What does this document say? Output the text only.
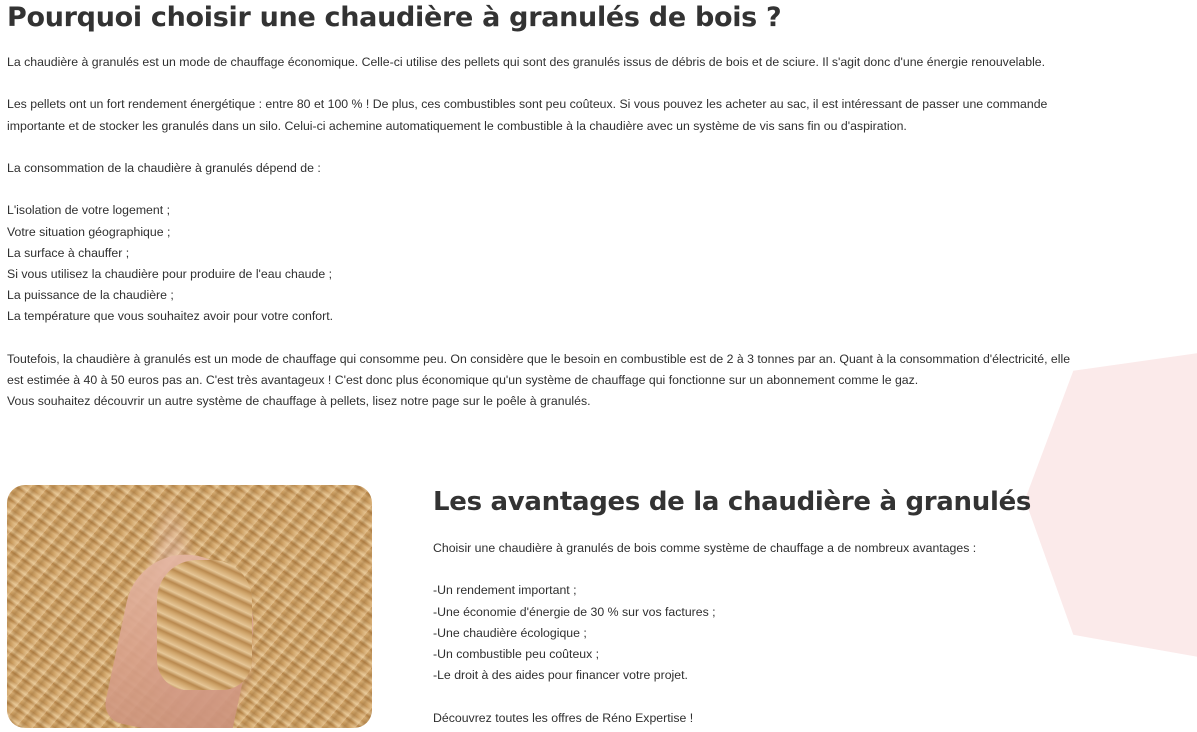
Pourquoi choisir une chaudière à granulés de bois ?

La chaudière à granulés est un mode de chauffage économique. Celle-ci utilise des pellets qui sont des granulés issus de débris de bois et de sciure. Il s'agit donc d'une énergie renouvelable.

Les pellets ont un fort rendement énergétique : entre 80 et 100 % ! De plus, ces combustibles sont peu coûteux. Si vous pouvez les acheter au sac, il est intéressant de passer une commande importante et de stocker les granulés dans un silo. Celui-ci achemine automatiquement le combustible à la chaudière avec un système de vis sans fin ou d'aspiration.

La consommation de la chaudière à granulés dépend de :

L'isolation de votre logement ;

Votre situation géographique ;

La surface à chauffer ;

Si vous utilisez la chaudière pour produire de l'eau chaude ;

La puissance de la chaudière ;

La température que vous souhaitez avoir pour votre confort.

Toutefois, la chaudière à granulés est un mode de chauffage qui consomme peu. On considère que le besoin en combustible est de 2 à 3 tonnes par an. Quant à la consommation d'électricité, elle est estimée à 40 à 50 euros pas an. C'est très avantageux ! C'est donc plus économique qu'un système de chauffage qui fonctionne sur un abonnement comme le gaz.

Vous souhaitez découvrir un autre système de chauffage à pellets, lisez notre page sur le poêle à granulés.

Les avantages de la chaudière à granulés

Choisir une chaudière à granulés de bois comme système de chauffage a de nombreux avantages :

-Un rendement important ;

-Une économie d'énergie de 30 % sur vos factures ;

-Une chaudière écologique ;

-Un combustible peu coûteux ;

-Le droit à des aides pour financer votre projet.

Découvrez toutes les offres de Réno Expertise !
